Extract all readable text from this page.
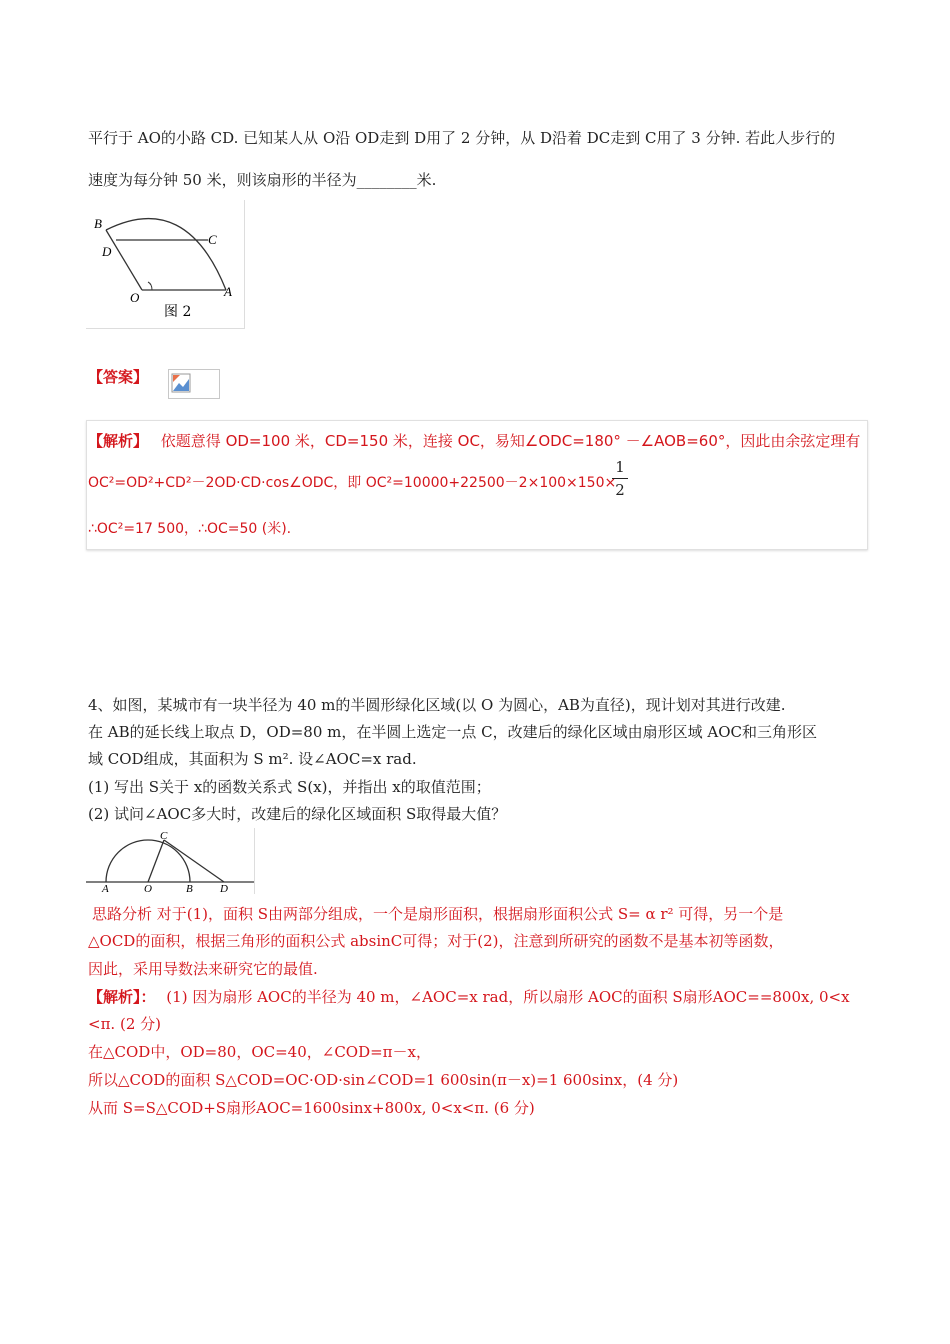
平行于 AO的小路 CD. 已知某人从 O沿 OD走到 D用了 2 分钟，从 D沿着 DC走到 C用了 3 分钟. 若此人步行的
速度为每分钟 50 米，则该扇形的半径为________米.
B
C
D
O	A
图 2
【答案】
【解析】 依题意得 OD=100 米，CD=150 米，连接 OC，易知∠ODC=180° －∠AOB=60°，因此由余弦定理有
OC²=OD²+CD²－2OD·CD·cos∠ODC，即 OC²=10000+22500－2×100×150×
1
2
∴OC²=17 500，∴OC=50 (米).
4、如图，某城市有一块半径为 40 m的半圆形绿化区域(以 O 为圆心，AB为直径)，现计划对其进行改建.
在 AB的延长线上取点 D，OD=80 m，在半圆上选定一点 C，改建后的绿化区域由扇形区域 AOC和三角形区
域 COD组成，其面积为 S m². 设∠AOC=x rad.
(1) 写出 S关于 x的函数关系式 S(x)，并指出 x的取值范围；
(2) 试问∠AOC多大时，改建后的绿化区域面积 S取得最大值？
C
A	O	B D
思路分析 对于(1)，面积 S由两部分组成，一个是扇形面积，根据扇形面积公式 S= α r² 可得，另一个是
△OCD的面积，根据三角形的面积公式 absinC可得；对于(2)，注意到所研究的函数不是基本初等函数，
因此，采用导数法来研究它的最值.
【解析】： (1) 因为扇形 AOC的半径为 40 m，∠AOC=x rad，所以扇形 AOC的面积 S扇形AOC==800x, 0<x
<π. (2 分)
在△COD中，OD=80，OC=40，∠COD=π－x，
所以△COD的面积 S△COD=OC·OD·sin∠COD=1 600sin(π－x)=1 600sinx，(4 分)
从而 S=S△COD+S扇形AOC=1600sinx+800x, 0<x<π. (6 分)
